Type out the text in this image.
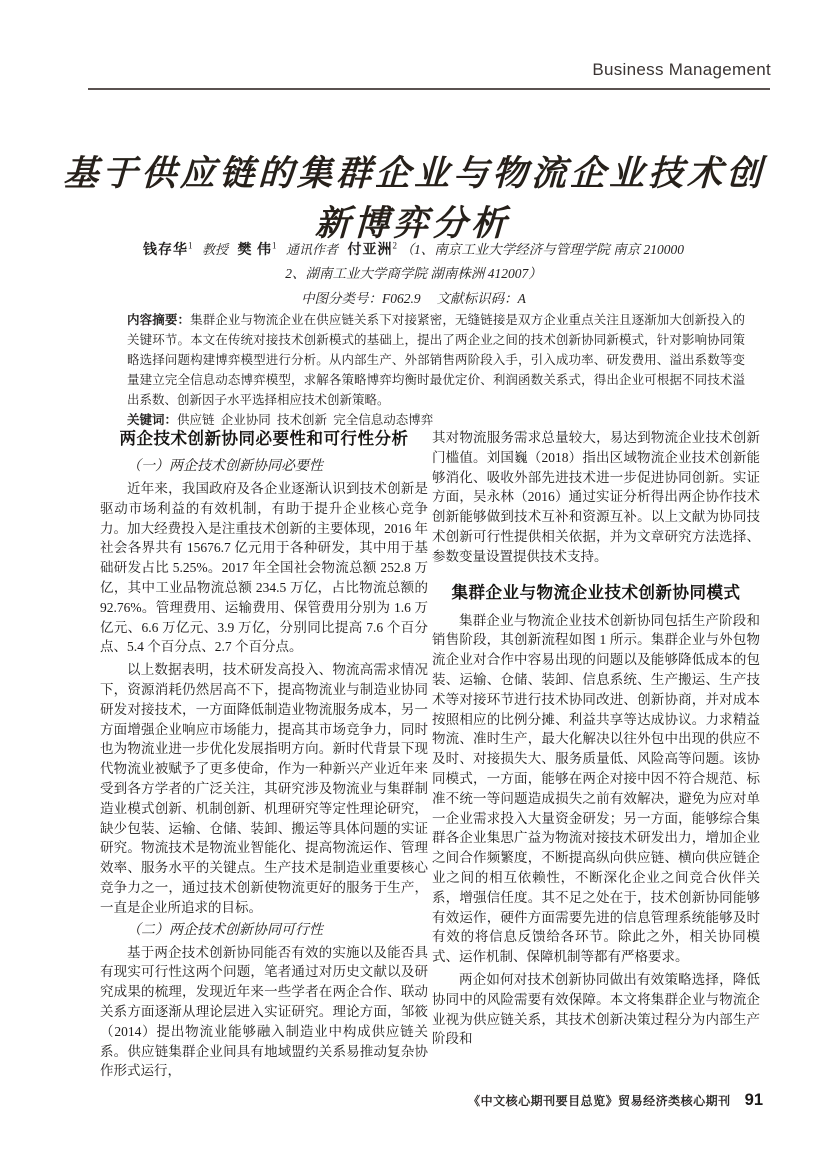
Business Management
基于供应链的集群企业与物流企业技术创新博弈分析
钱存华$^1$ 教授 樊 伟$^1$ 通讯作者 付亚洲$^2$ （1、南京工业大学经济与管理学院 南京 210000
2、湖南工业大学商学院 湖南株洲 412007）
中图分类号：F062.9 文献标识码：A

内容摘要：集群企业与物流企业在供应链关系下对接紧密，无缝链接是双方企业重点关注且逐渐加大创新投入的关键环节。本文在传统对接技术创新模式的基础上，提出了两企业之间的技术创新协同新模式，针对影响协同策略选择问题构建博弈模型进行分析。从内部生产、外部销售两阶段入手，引入成功率、研发费用、溢出系数等变量建立完全信息动态博弈模型，求解各策略博弈均衡时最优定价、利润函数关系式，得出企业可根据不同技术溢出系数、创新因子水平选择相应技术创新策略。

关键词：供应链  企业协同  技术创新  完全信息动态博弈

两企技术创新协同必要性和可行性分析
（一）两企技术创新协同必要性

近年来，我国政府及各企业逐渐认识到技术创新是驱动市场利益的有效机制，有助于提升企业核心竞争力。加大经费投入是注重技术创新的主要体现，2016 年社会各界共有 15676.7 亿元用于各种研发，其中用于基础研发占比 5.25%。2017 年全国社会物流总额 252.8 万亿，其中工业品物流总额 234.5 万亿，占比物流总额的 92.76%。管理费用、运输费用、保管费用分别为 1.6 万亿元、6.6 万亿元、3.9 万亿，分别同比提高 7.6 个百分点、5.4 个百分点、2.7 个百分点。

以上数据表明，技术研发高投入、物流高需求情况下，资源消耗仍然居高不下，提高物流业与制造业协同研发对接技术，一方面降低制造业物流服务成本，另一方面增强企业响应市场能力，提高其市场竞争力，同时也为物流业进一步优化发展指明方向。新时代背景下现代物流业被赋予了更多使命，作为一种新兴产业近年来受到各方学者的广泛关注，其研究涉及物流业与集群制造业模式创新、机制创新、机理研究等定性理论研究，缺少包装、运输、仓储、装卸、搬运等具体问题的实证研究。物流技术是物流业智能化、提高物流运作、管理效率、服务水平的关键点。生产技术是制造业重要核心竞争力之一，通过技术创新使物流更好的服务于生产，一直是企业所追求的目标。

（二）两企技术创新协同可行性

基于两企技术创新协同能否有效的实施以及能否具有现实可行性这两个问题，笔者通过对历史文献以及研究成果的梳理，发现近年来一些学者在两企合作、联动关系方面逐渐从理论层进入实证研究。理论方面，邹筱（2014）提出物流业能够融入制造业中构成供应链关系。供应链集群企业间具有地域盟约关系易推动复杂协作形式运行，

其对物流服务需求总量较大，易达到物流企业技术创新门槛值。刘国巍（2018）指出区域物流企业技术创新能够消化、吸收外部先进技术进一步促进协同创新。实证方面，吴永林（2016）通过实证分析得出两企协作技术创新能够做到技术互补和资源互补。以上文献为协同技术创新可行性提供相关依据，并为文章研究方法选择、参数变量设置提供技术支持。

集群企业与物流企业技术创新协同模式

集群企业与物流企业技术创新协同包括生产阶段和销售阶段，其创新流程如图 1 所示。集群企业与外包物流企业对合作中容易出现的问题以及能够降低成本的包装、运输、仓储、装卸、信息系统、生产搬运、生产技术等对接环节进行技术协同改进、创新协商，并对成本按照相应的比例分摊、利益共享等达成协议。力求精益物流、准时生产，最大化解决以往外包中出现的供应不及时、对接损失大、服务质量低、风险高等问题。该协同模式，一方面，能够在两企对接中因不符合规范、标准不统一等问题造成损失之前有效解决，避免为应对单一企业需求投入大量资金研发；另一方面，能够综合集群各企业集思广益为物流对接技术研发出力，增加企业之间合作频繁度，不断提高纵向供应链、横向供应链企业之间的相互依赖性，不断深化企业之间竞合伙伴关系，增强信任度。其不足之处在于，技术创新协同能够有效运作，硬件方面需要先进的信息管理系统能够及时有效的将信息反馈给各环节。除此之外，相关协同模式、运作机制、保障机制等都有严格要求。

两企如何对技术创新协同做出有效策略选择，降低协同中的风险需要有效保障。本文将集群企业与物流企业视为供应链关系，其技术创新决策过程分为内部生产阶段和

《中文核心期刊要目总览》贸易经济类核心期刊 91
